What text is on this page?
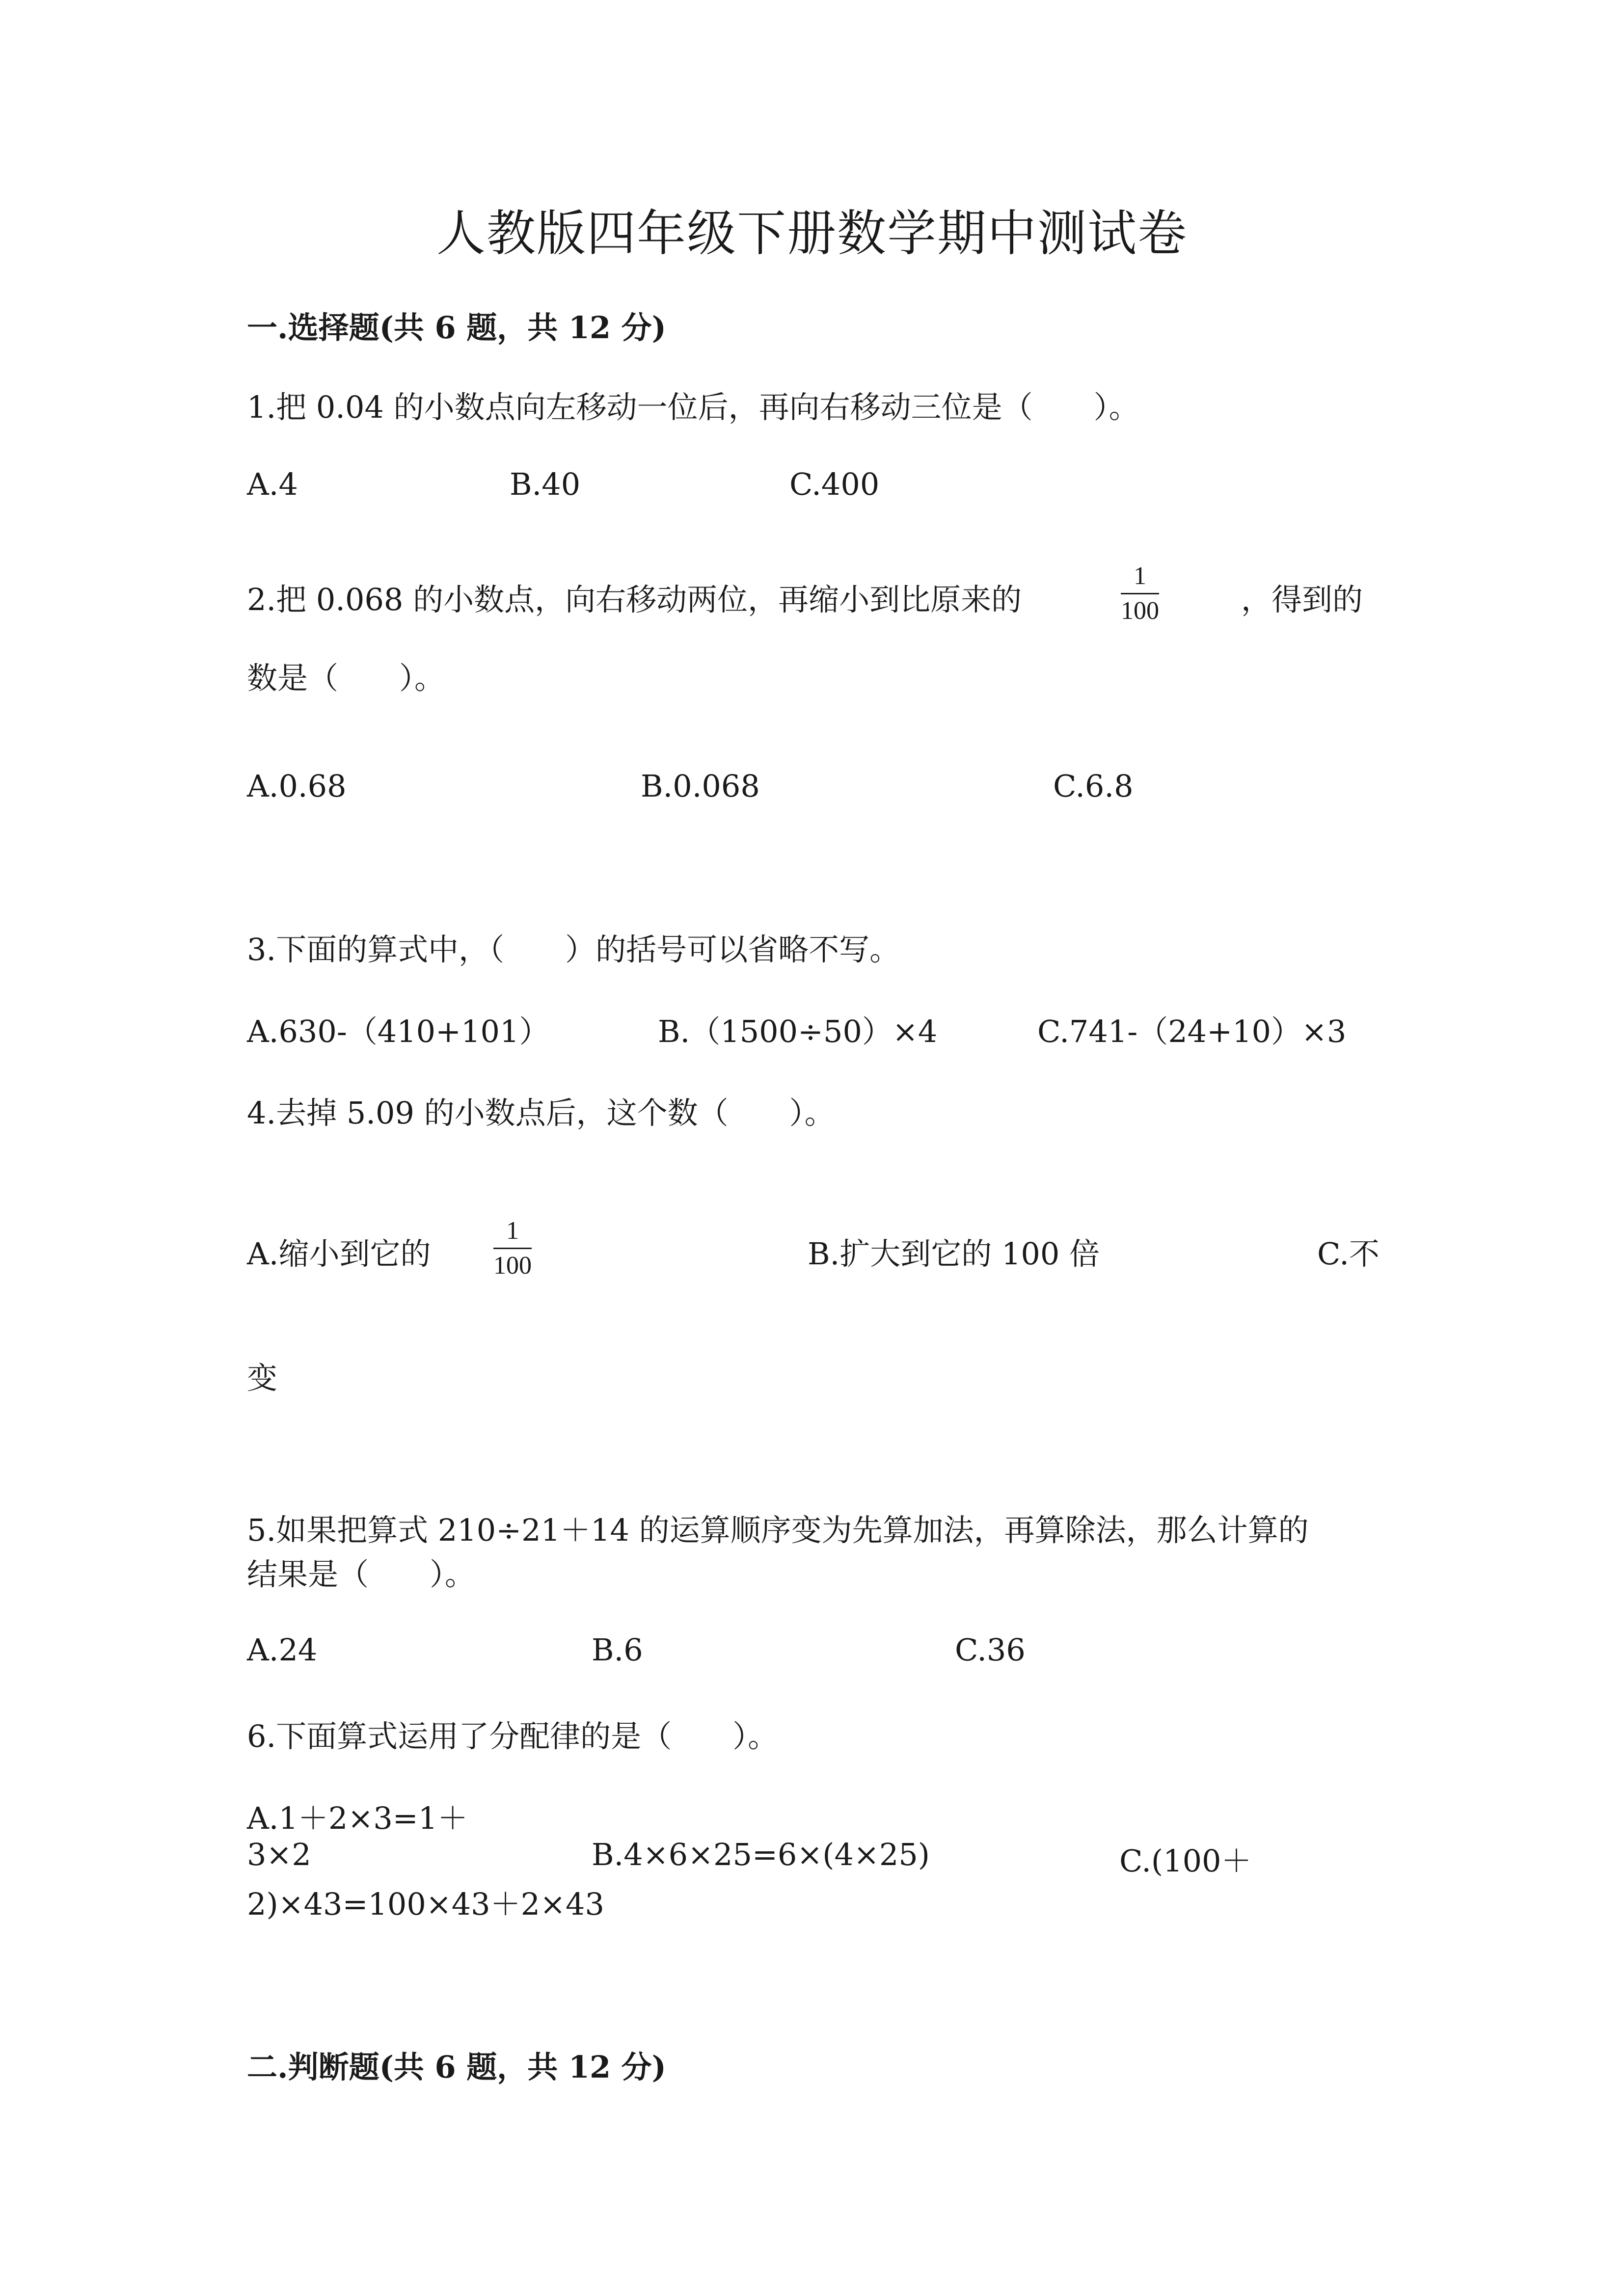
人教版四年级下册数学期中测试卷
一.选择题(共 6 题，共 12 分)
1.把 0.04 的小数点向左移动一位后，再向右移动三位是（　　）。
A.4	B.40	C.400
2.把 0.068 的小数点，向右移动两位，再缩小到比原来的
1
100	，得到的
数是（　　）。
A.0.68	B.0.068	C.6.8
3.下面的算式中，（　　）的括号可以省略不写。
A.630-（410+101）	B.（1500÷50）×4	C.741-（24+10）×3
4.去掉 5.09 的小数点后，这个数（　　）。
A.缩小到它的
1
100	B.扩大到它的 100 倍	C.不
变
5.如果把算式 210÷21＋14 的运算顺序变为先算加法，再算除法，那么计算的
结果是（　　）。
A.24	B.6	C.36
6.下面算式运用了分配律的是（　　）。
A.1＋2×3=1＋
3×2	B.4×6×25=6×(4×25)	C.(100＋
2)×43=100×43＋2×43
二.判断题(共 6 题，共 12 分)
